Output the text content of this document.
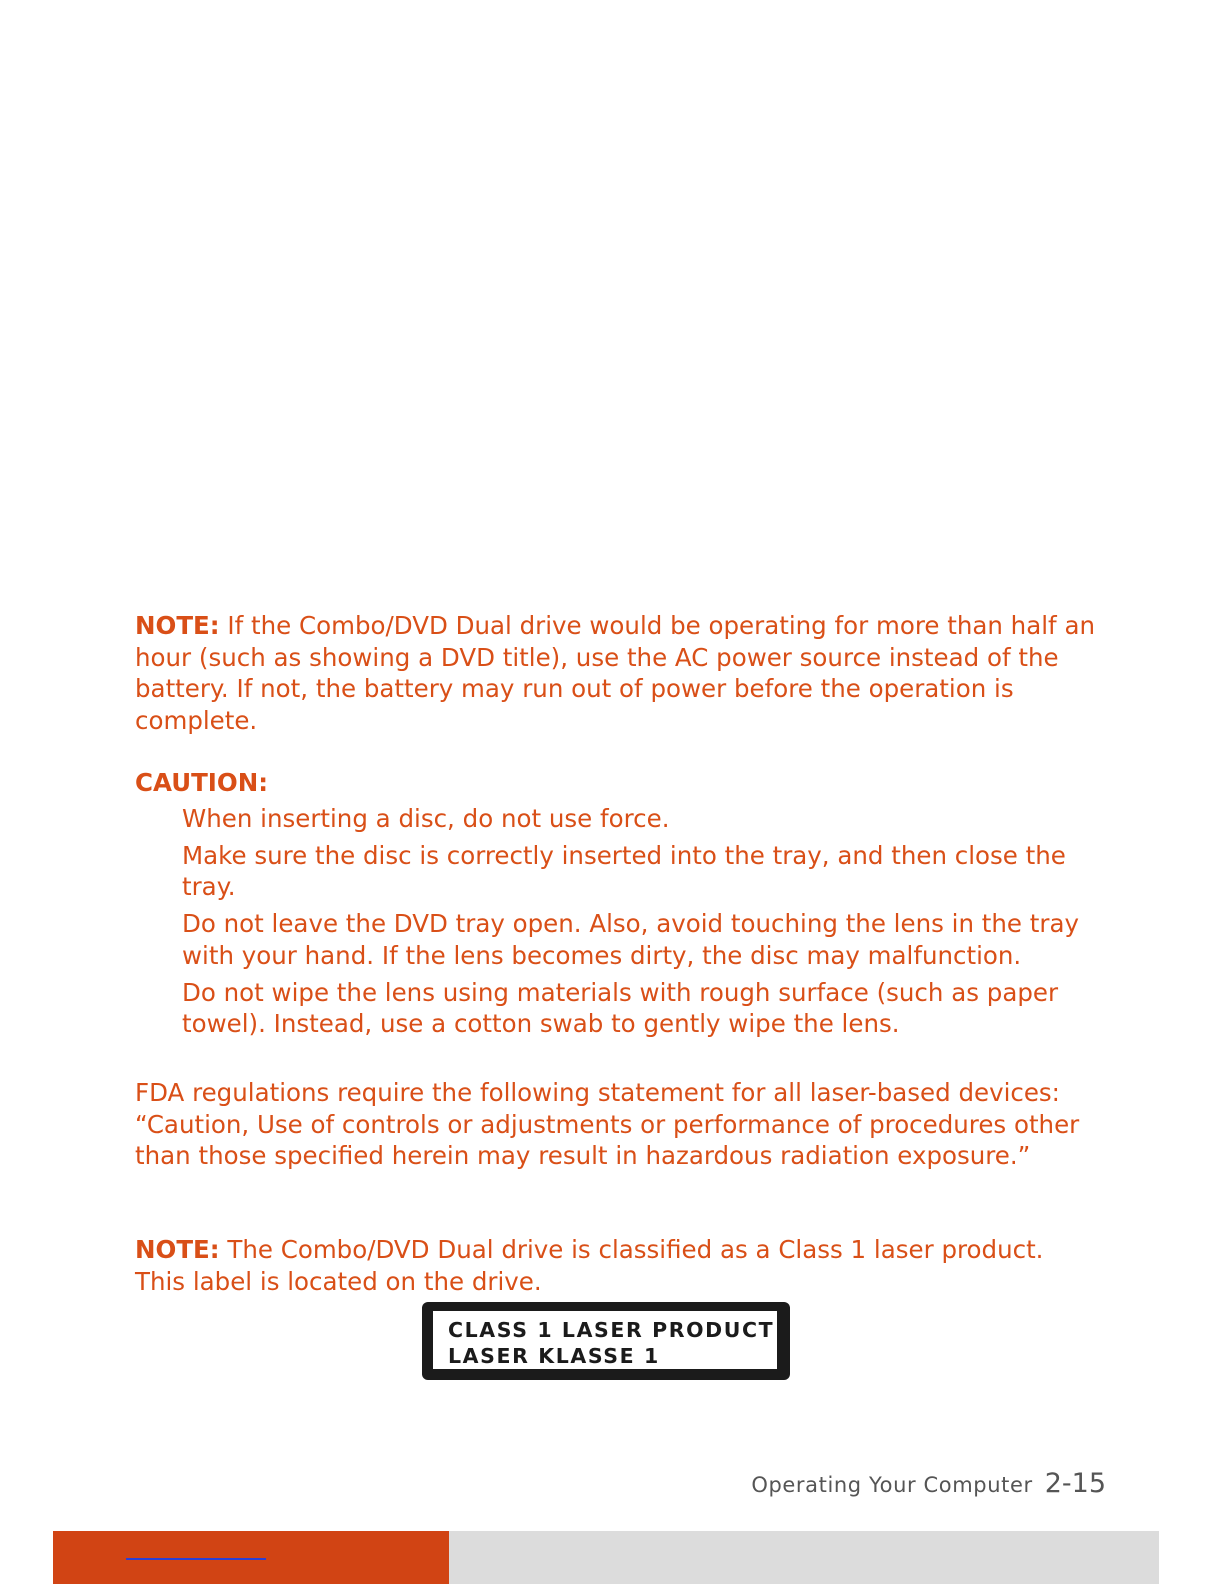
NOTE: If the Combo/DVD Dual drive would be operating for more than half an hour (such as showing a DVD title), use the AC power source instead of the battery. If not, the battery may run out of power before the operation is complete.

CAUTION:

When inserting a disc, do not use force.
Make sure the disc is correctly inserted into the tray, and then close the tray.
Do not leave the DVD tray open. Also, avoid touching the lens in the tray with your hand. If the lens becomes dirty, the disc may malfunction.
Do not wipe the lens using materials with rough surface (such as paper towel). Instead, use a cotton swab to gently wipe the lens.

FDA regulations require the following statement for all laser-based devices: “Caution, Use of controls or adjustments or performance of procedures other than those specified herein may result in hazardous radiation exposure.”

NOTE: The Combo/DVD Dual drive is classified as a Class 1 laser product. This label is located on the drive.

CLASS 1 LASER PRODUCT
LASER KLASSE 1
Operating Your Computer 2-15
